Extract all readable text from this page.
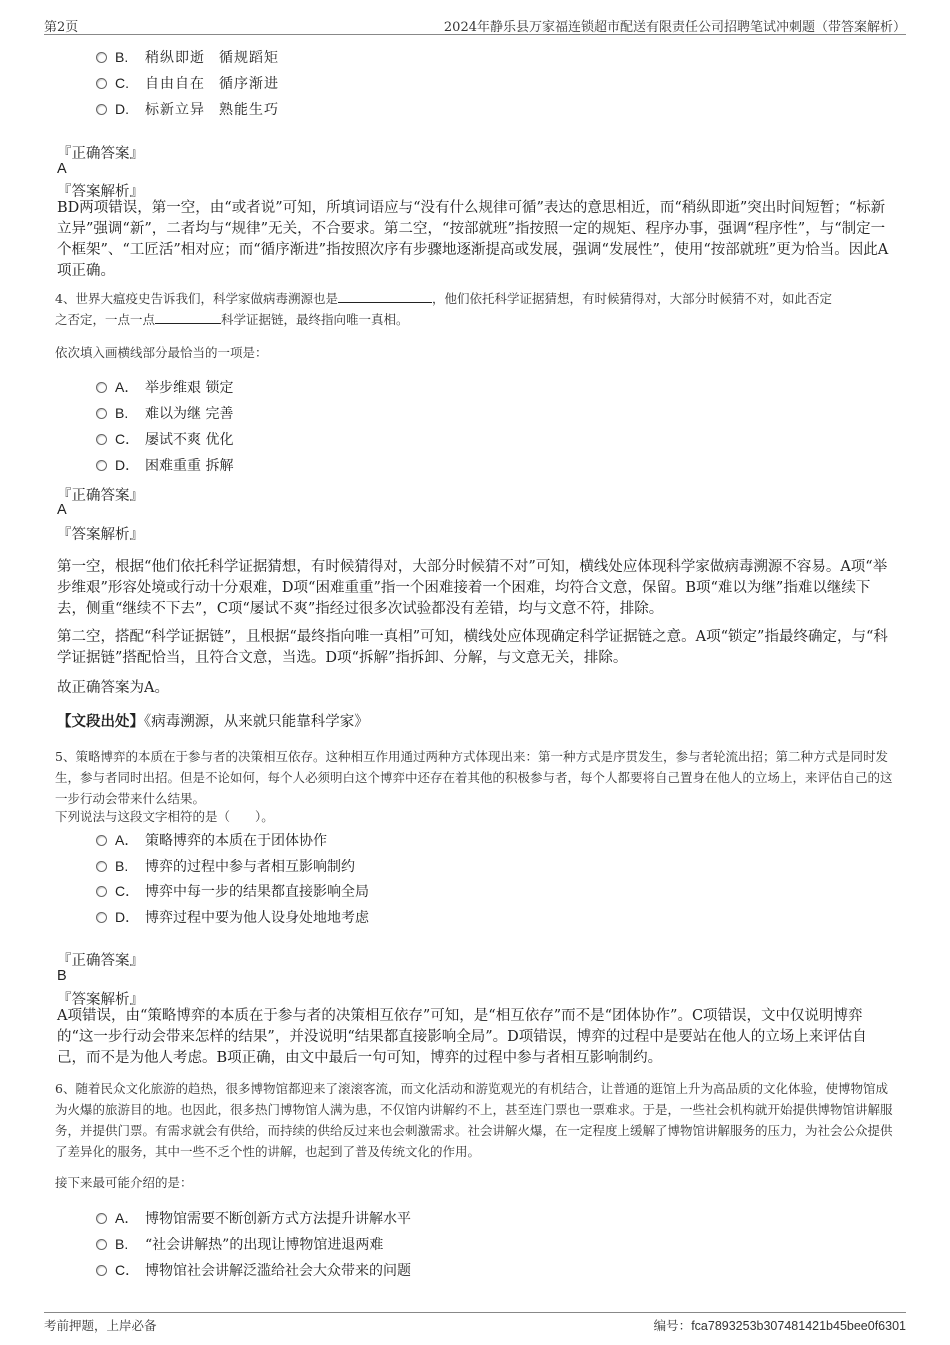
第2页	2024年静乐县万家福连锁超市配送有限责任公司招聘笔试冲刺题（带答案解析）
B. 稍纵即逝 循规蹈矩
C. 自由自在 循序渐进
D. 标新立异 熟能生巧
『正确答案』
A
『答案解析』
BD两项错误，第一空，由“或者说”可知，所填词语应与“没有什么规律可循”表达的意思相近，而“稍纵即逝”突出时间短暂；“标新立异”强调“新”，二者均与“规律”无关，不合要求。第二空，“按部就班”指按照一定的规矩、程序办事，强调“程序性”，与“制定一个框架”、“工匠活”相对应；而“循序渐进”指按照次序有步骤地逐渐提高或发展，强调“发展性”，使用“按部就班”更为恰当。因此A项正确。
4、世界大瘟疫史告诉我们，科学家做病毒溯源也是	，他们依托科学证据猜想，有时候猜得对，大部分时候猜不对，如此否定
之否定，一点一点	科学证据链，最终指向唯一真相。
依次填入画横线部分最恰当的一项是：
A． 举步维艰 锁定
B. 难以为继 完善
C． 屡试不爽 优化
D． 困难重重 拆解
『正确答案』
A
『答案解析』
第一空，根据“他们依托科学证据猜想，有时候猜得对，大部分时候猜不对”可知，横线处应体现科学家做病毒溯源不容易。A项“举步维艰”形容处境或行动十分艰难，D项“困难重重”指一个困难接着一个困难，均符合文意，保留。B项“难以为继”指难以继续下去，侧重“继续不下去”，C项“屡试不爽”指经过很多次试验都没有差错，均与文意不符，排除。
第二空，搭配“科学证据链”，且根据“最终指向唯一真相”可知，横线处应体现确定科学证据链之意。A项“锁定”指最终确定，与“科学证据链”搭配恰当，且符合文意，当选。D项“拆解”指拆卸、分解，与文意无关，排除。
故正确答案为A。
【文段出处】《病毒溯源，从来就只能靠科学家》
5、策略博弈的本质在于参与者的决策相互依存。这种相互作用通过两种方式体现出来：第一种方式是序贯发生，参与者轮流出招；第二种方式是同时发生，参与者同时出招。但是不论如何，每个人必须明白这个博弈中还存在着其他的积极参与者，每个人都要将自己置身在他人的立场上，来评估自己的这一步行动会带来什么结果。
下列说法与这段文字相符的是（　　）。
A． 策略博弈的本质在于团体协作
B. 博弈的过程中参与者相互影响制约
C． 博弈中每一步的结果都直接影响全局
D． 博弈过程中要为他人设身处地地考虑
『正确答案』
B
『答案解析』
A项错误，由“策略博弈的本质在于参与者的决策相互依存”可知，是“相互依存”而不是“团体协作”。C项错误，文中仅说明博弈的“这一步行动会带来怎样的结果”，并没说明“结果都直接影响全局”。D项错误，博弈的过程中是要站在他人的立场上来评估自己，而不是为他人考虑。B项正确，由文中最后一句可知，博弈的过程中参与者相互影响制约。
6、随着民众文化旅游的趋热，很多博物馆都迎来了滚滚客流，而文化活动和游览观光的有机结合，让普通的逛馆上升为高品质的文化体验，使博物馆成为火爆的旅游目的地。也因此，很多热门博物馆人满为患，不仅馆内讲解约不上，甚至连门票也一票难求。于是，一些社会机构就开始提供博物馆讲解服务，并提供门票。有需求就会有供给，而持续的供给反过来也会刺激需求。社会讲解火爆，在一定程度上缓解了博物馆讲解服务的压力，为社会公众提供了差异化的服务，其中一些不乏个性的讲解，也起到了普及传统文化的作用。
接下来最可能介绍的是：
A． 博物馆需要不断创新方式方法提升讲解水平
B. “社会讲解热”的出现让博物馆进退两难
C． 博物馆社会讲解泛滥给社会大众带来的问题
考前押题，上岸必备	编号：fca7893253b307481421b45bee0f6301
